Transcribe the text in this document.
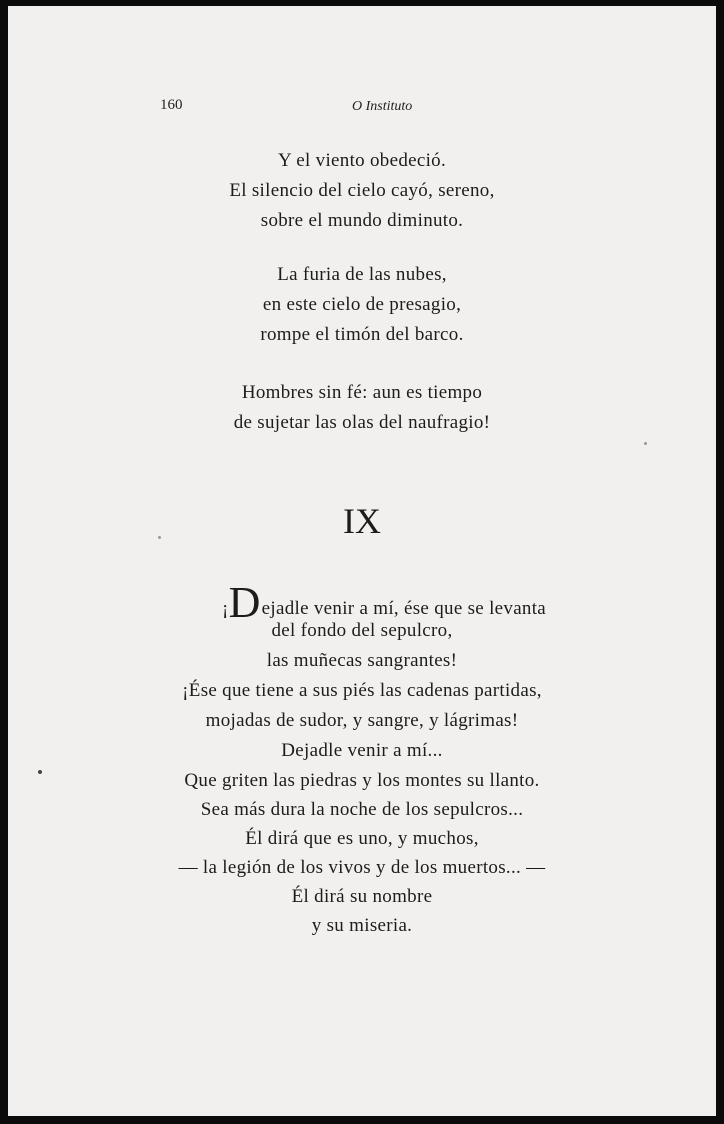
160	O Instituto
Y el viento obedeció.
El silencio del cielo cayó, sereno,
sobre el mundo diminuto.
La furia de las nubes,
en este cielo de presagio,
rompe el timón del barco.
Hombres sin fé: aun es tiempo
de sujetar las olas del naufragio!
IX
¡Dejadle venir a mí, ése que se levanta
del fondo del sepulcro,
las muñecas sangrantes!
¡Ése que tiene a sus piés las cadenas partidas,
mojadas de sudor, y sangre, y lágrimas!
Dejadle venir a mí...
Que griten las piedras y los montes su llanto.
Sea más dura la noche de los sepulcros...
Él dirá que es uno, y muchos,
— la legión de los vivos y de los muertos... —
Él dirá su nombre
y su miseria.
